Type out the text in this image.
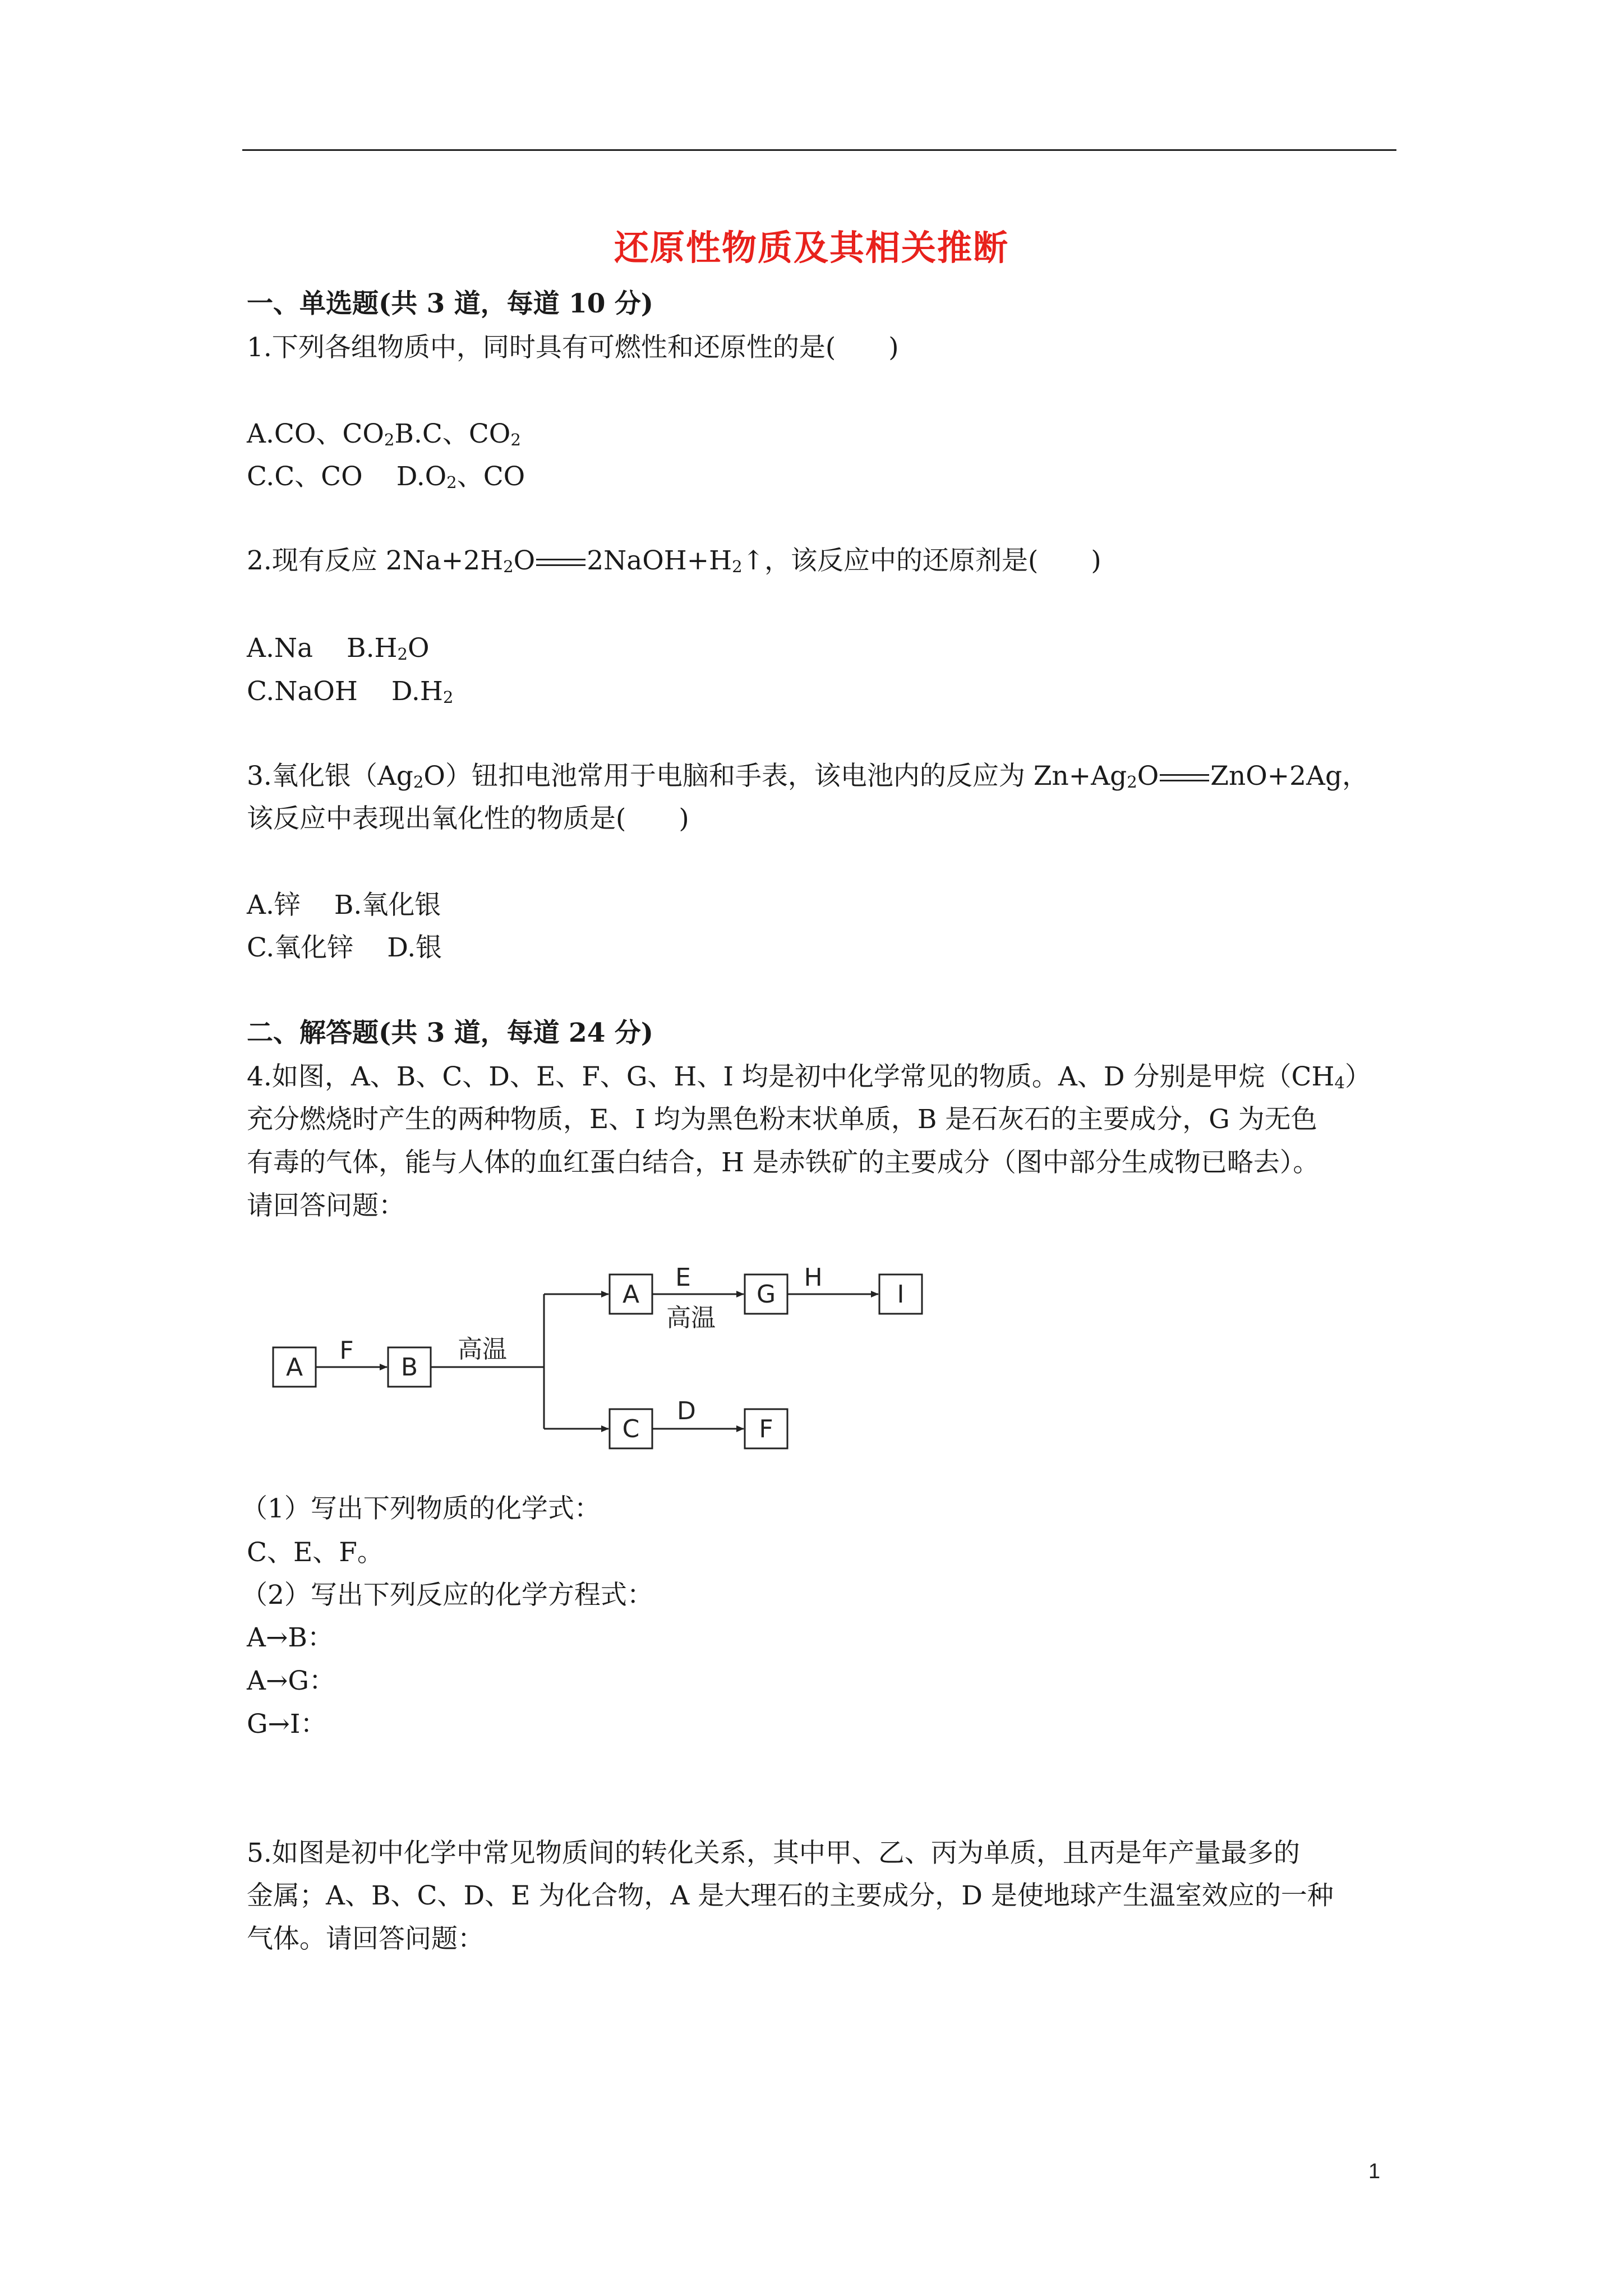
还原性物质及其相关推断
一、单选题(共 3 道，每道 10 分)
1.下列各组物质中，同时具有可燃性和还原性的是( )
A.CO、$CO_2B.C$、$CO_2$
C.C、CO $D.O_2$、CO
2.现有反应 $2Na+2H_2O$ $2NaOH+H_2↑$，该反应中的还原剂是( )
A.Na $B.H_2O$
C.NaOH $D.H_2$
3.氧化银$(Ag_2O)$钮扣电池常用于电脑和手表，该电池内的反应为 $Zn+Ag_2O$ ZnO+2Ag，
该反应中表现出氧化性的物质是( )
A.锌 B.氧化银
C.氧化锌 D.银
二、解答题(共 3 道，每道 24 分)
4.如图，A、B、C、D、E、F、G、H、I 均是初中化学常见的物质。A、D 分别是甲烷$(CH_4)$
充分燃烧时产生的两种物质，E、I 均为黑色粉末状单质，B 是石灰石的主要成分，G 为无色
有毒的气体，能与人体的血红蛋白结合，H 是赤铁矿的主要成分（图中部分生成物已略去）。
请回答问题：
A	B
A	G	I
C	F
F	高温
E
高温
H
D
（1）写出下列物质的化学式：
C、E、F。
（2）写出下列反应的化学方程式：
A→B：
A→G：
G→I：
5.如图是初中化学中常见物质间的转化关系，其中甲、乙、丙为单质，且丙是年产量最多的
金属；A、B、C、D、E 为化合物，A 是大理石的主要成分，D 是使地球产生温室效应的一种
气体。请回答问题：
1
